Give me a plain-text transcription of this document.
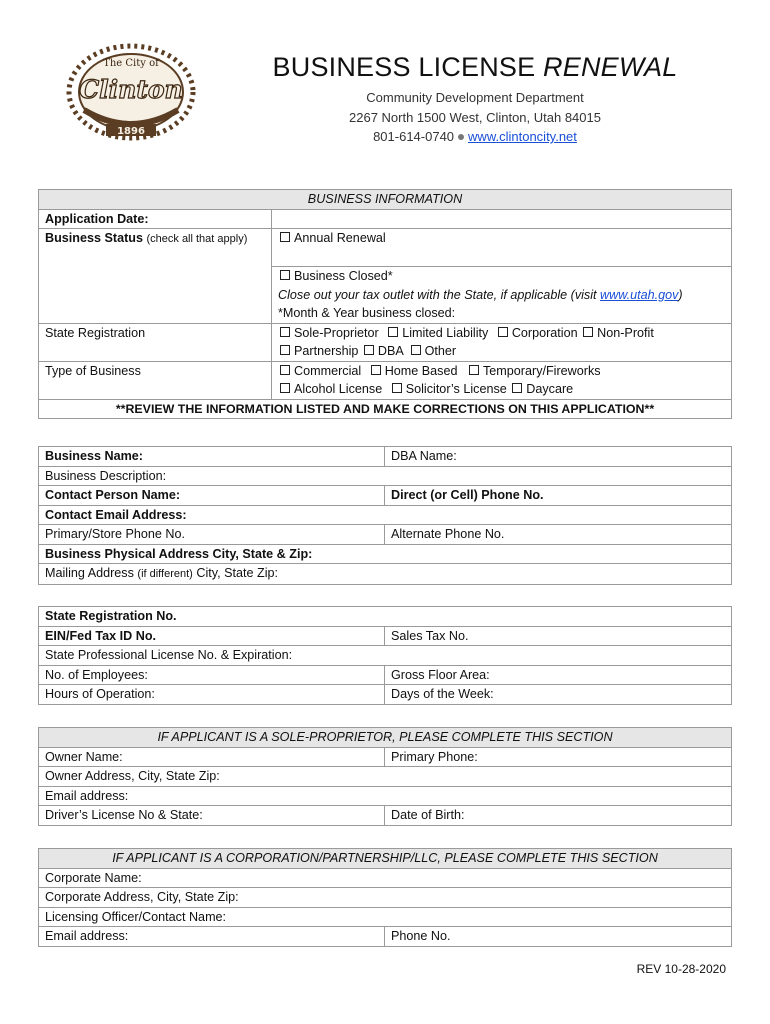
The City of
Clinton
1896
BUSINESS LICENSE RENEWAL
Community Development Department
2267 North 1500 West, Clinton, Utah 84015
801-614-0740 www.clintoncity.net
BUSINESS INFORMATION	
Application Date:	
Business Status (check all that apply)	Annual Renewal
	Business Closed*
	Close out your tax outlet with the State, if applicable (visit www.utah.gov)
	*Month & Year business closed:
State Registration	Sole-Proprietor Limited Liability Corporation Non-Profit
	Partnership DBA Other
Type of Business	Commercial Home Based Temporary/Fireworks
	Alcohol License Solicitor’s License Daycare
**REVIEW THE INFORMATION LISTED AND MAKE CORRECTIONS ON THIS APPLICATION**	
Business Name:	DBA Name:
Business Description:	
Contact Person Name:	Direct (or Cell) Phone No.
Contact Email Address:	
Primary/Store Phone No.	Alternate Phone No.
Business Physical Address City, State & Zip:	
Mailing Address (if different) City, State Zip:	
State Registration No.	
EIN/Fed Tax ID No.	Sales Tax No.
State Professional License No. & Expiration:	
No. of Employees:	Gross Floor Area:
Hours of Operation:	Days of the Week:
IF APPLICANT IS A SOLE-PROPRIETOR, PLEASE COMPLETE THIS SECTION	
Owner Name:	Primary Phone:
Owner Address, City, State Zip:	
Email address:	
Driver’s License No & State:	Date of Birth:
IF APPLICANT IS A CORPORATION/PARTNERSHIP/LLC, PLEASE COMPLETE THIS SECTION
Corporate Name:
Corporate Address, City, State Zip:
Licensing Officer/Contact Name:
Email address:	Phone No.
REV 10-28-2020
